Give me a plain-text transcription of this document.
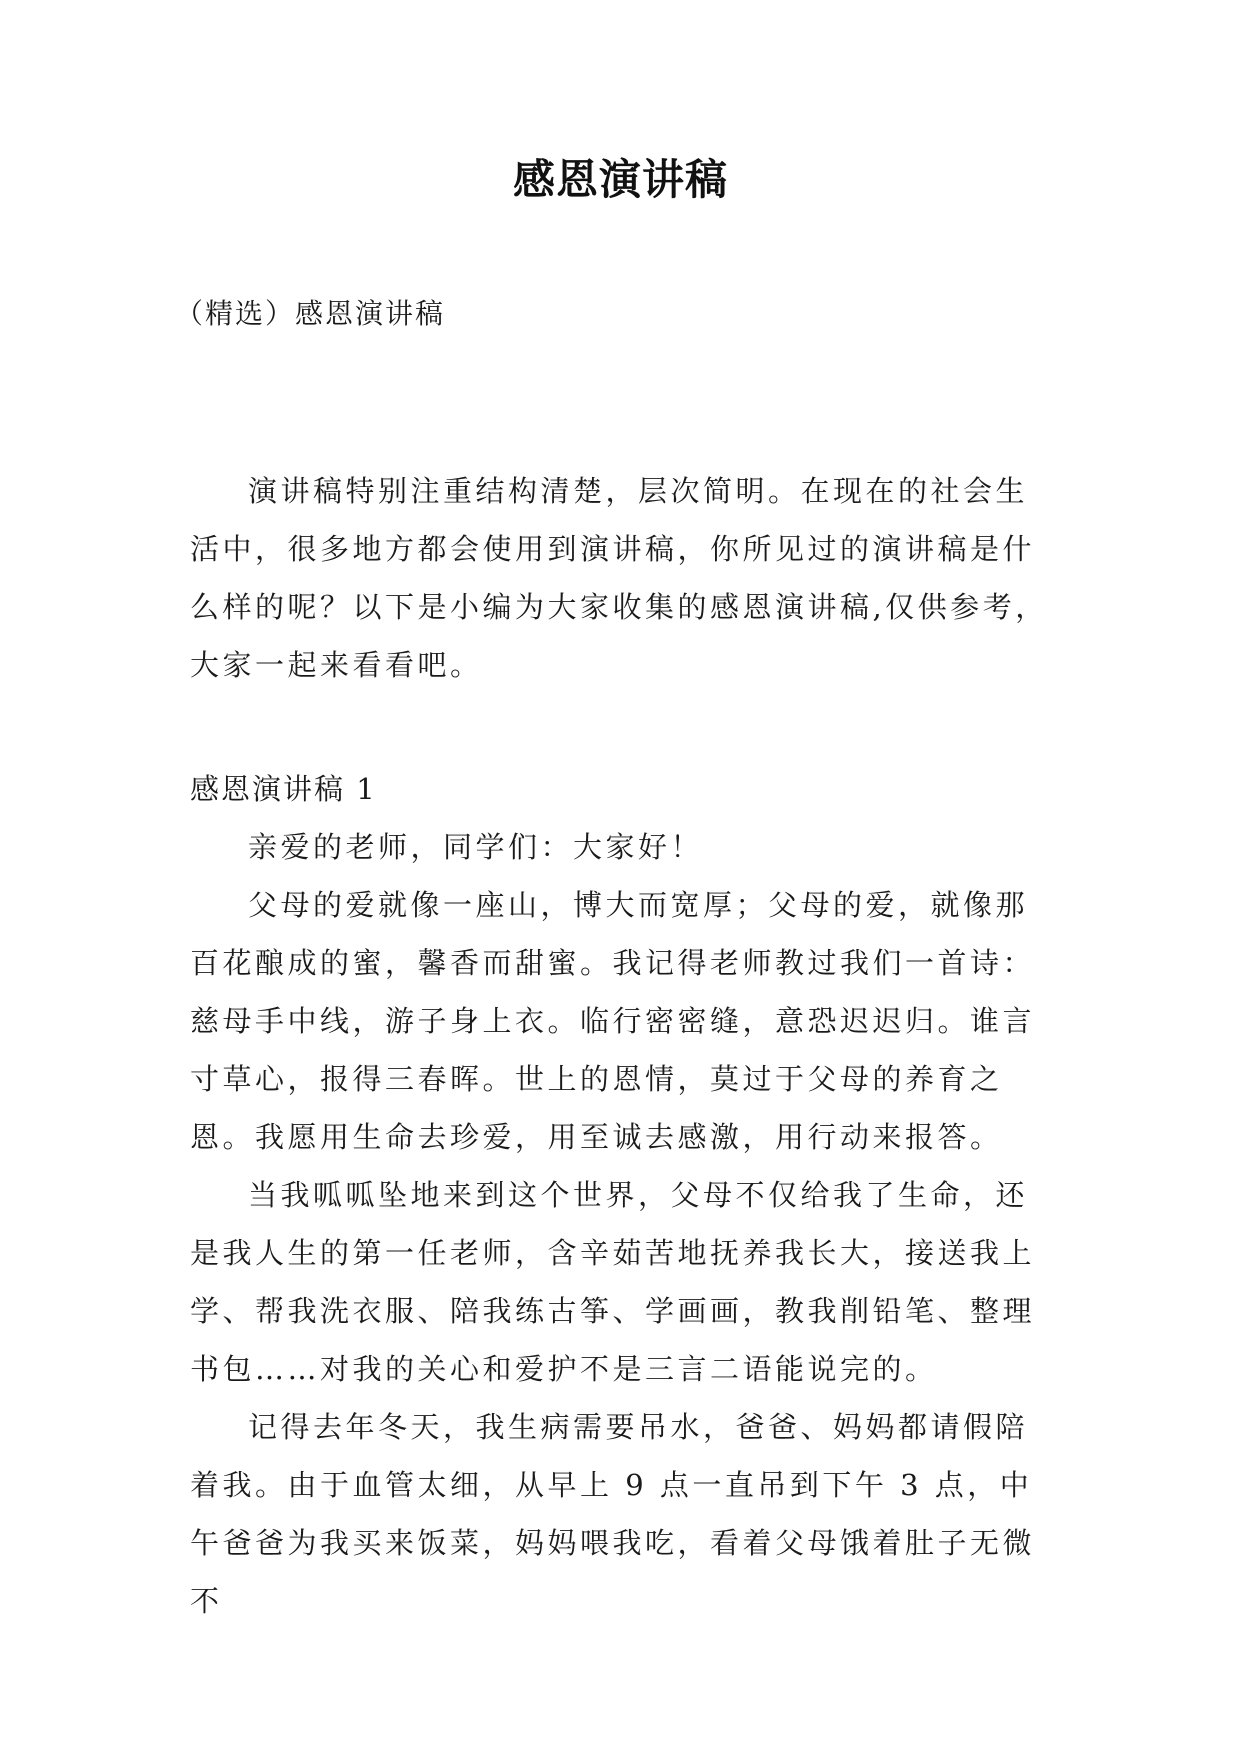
感恩演讲稿
（精选）感恩演讲稿

演讲稿特别注重结构清楚，层次简明。在现在的社会生活中，很多地方都会使用到演讲稿，你所见过的演讲稿是什么样的呢？以下是小编为大家收集的感恩演讲稿,仅供参考，大家一起来看看吧。

感恩演讲稿 1

亲爱的老师，同学们：大家好！

父母的爱就像一座山，博大而宽厚；父母的爱，就像那百花酿成的蜜，馨香而甜蜜。我记得老师教过我们一首诗：慈母手中线，游子身上衣。临行密密缝，意恐迟迟归。谁言寸草心，报得三春晖。世上的恩情，莫过于父母的养育之恩。我愿用生命去珍爱，用至诚去感激，用行动来报答。

当我呱呱坠地来到这个世界，父母不仅给我了生命，还是我人生的第一任老师，含辛茹苦地抚养我长大，接送我上学、帮我洗衣服、陪我练古筝、学画画，教我削铅笔、整理书包……对我的关心和爱护不是三言二语能说完的。

记得去年冬天，我生病需要吊水，爸爸、妈妈都请假陪着我。由于血管太细，从早上 9 点一直吊到下午 3 点，中午爸爸为我买来饭菜，妈妈喂我吃，看着父母饿着肚子无微不
